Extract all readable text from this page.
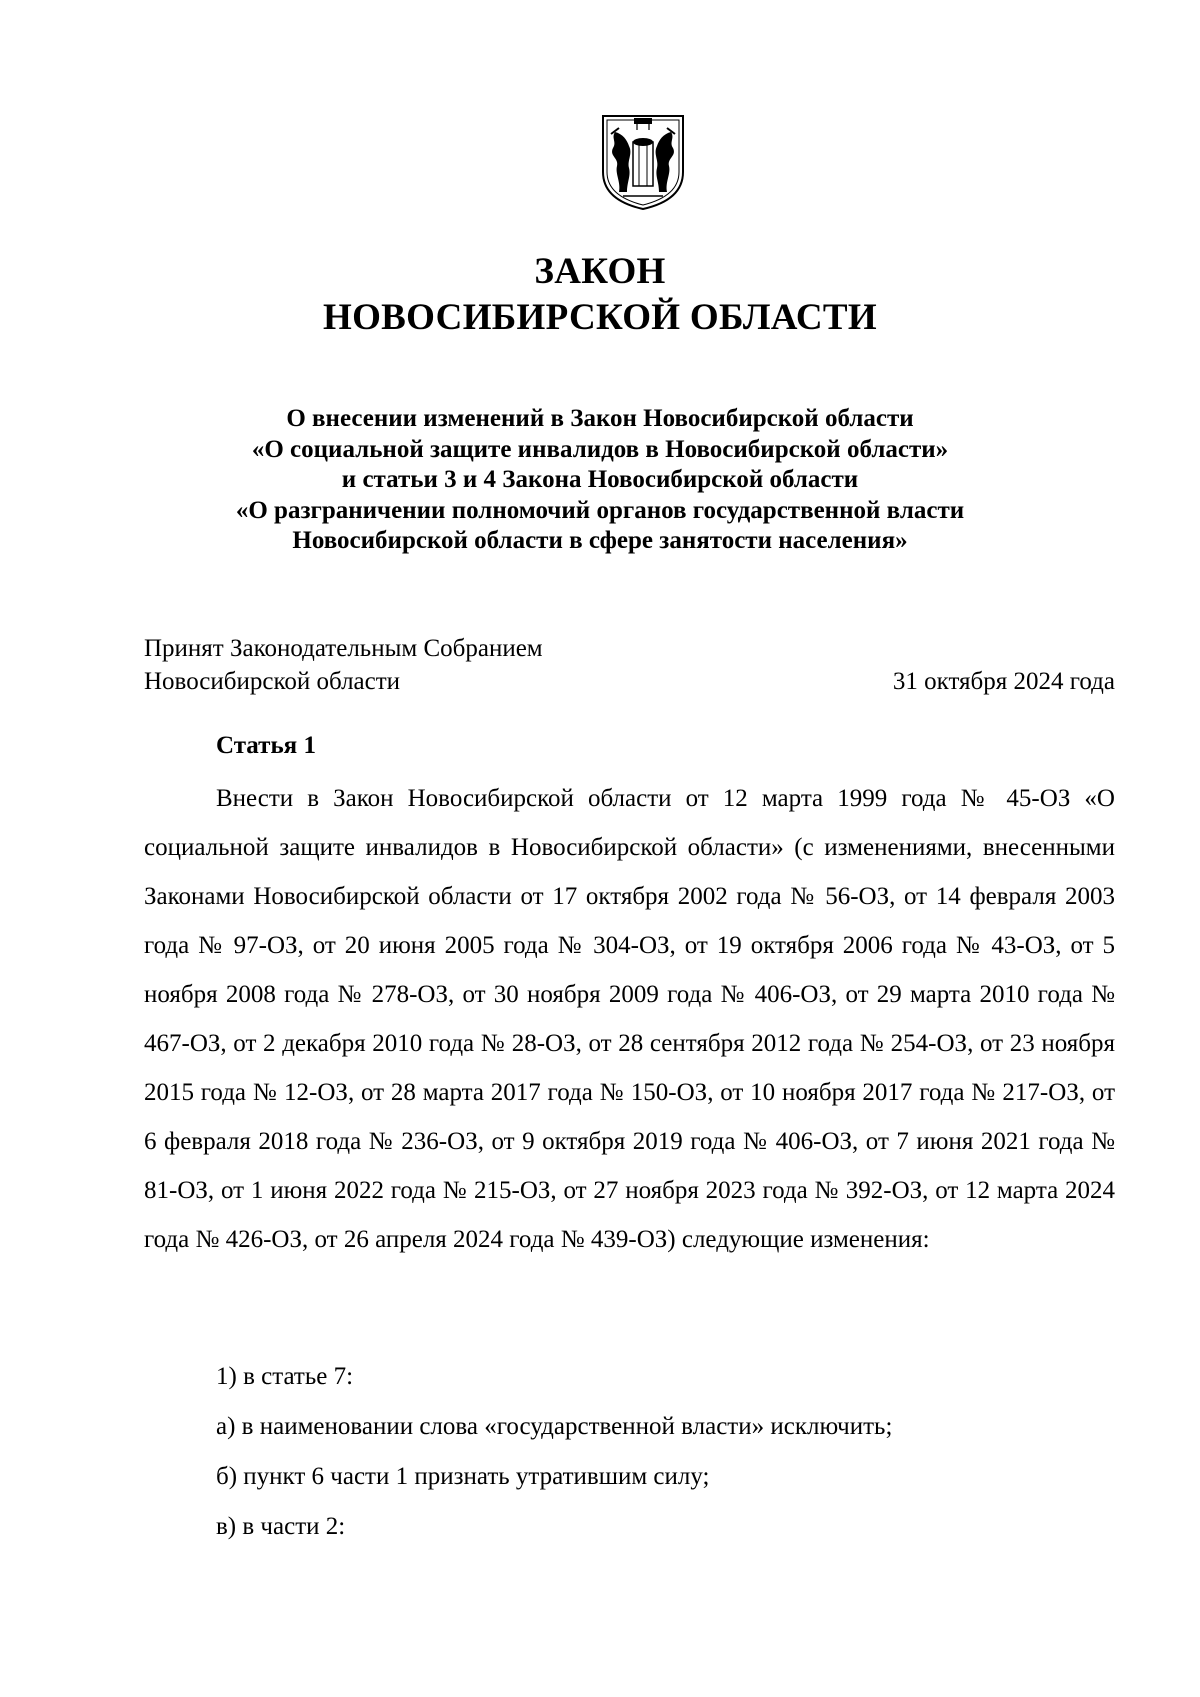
ЗАКОН
НОВОСИБИРСКОЙ ОБЛАСТИ
О внесении изменений в Закон Новосибирской области
«О социальной защите инвалидов в Новосибирской области»
и статьи 3 и 4 Закона Новосибирской области
«О разграничении полномочий органов государственной власти
Новосибирской области в сфере занятости населения»
Принят Законодательным Собранием
Новосибирской области	31 октября 2024 года
Статья 1

Внести в Закон Новосибирской области от 12 марта 1999 года № 45-ОЗ «О социальной защите инвалидов в Новосибирской области» (с изменениями, внесенными Законами Новосибирской области от 17 октября 2002 года № 56-ОЗ, от 14 февраля 2003 года № 97-ОЗ, от 20 июня 2005 года № 304-ОЗ, от 19 октября 2006 года № 43-ОЗ, от 5 ноября 2008 года № 278-ОЗ, от 30 ноября 2009 года № 406-ОЗ, от 29 марта 2010 года № 467-ОЗ, от 2 декабря 2010 года № 28-ОЗ, от 28 сентября 2012 года № 254-ОЗ, от 23 ноября 2015 года № 12-ОЗ, от 28 марта 2017 года № 150-ОЗ, от 10 ноября 2017 года № 217-ОЗ, от 6 февраля 2018 года № 236-ОЗ, от 9 октября 2019 года № 406-ОЗ, от 7 июня 2021 года № 81-ОЗ, от 1 июня 2022 года № 215-ОЗ, от 27 ноября 2023 года № 392-ОЗ, от 12 марта 2024 года № 426-ОЗ, от 26 апреля 2024 года № 439-ОЗ) следующие изменения:

1) в статье 7:
а) в наименовании слова «государственной власти» исключить;
б) пункт 6 части 1 признать утратившим силу;
в) в части 2:
